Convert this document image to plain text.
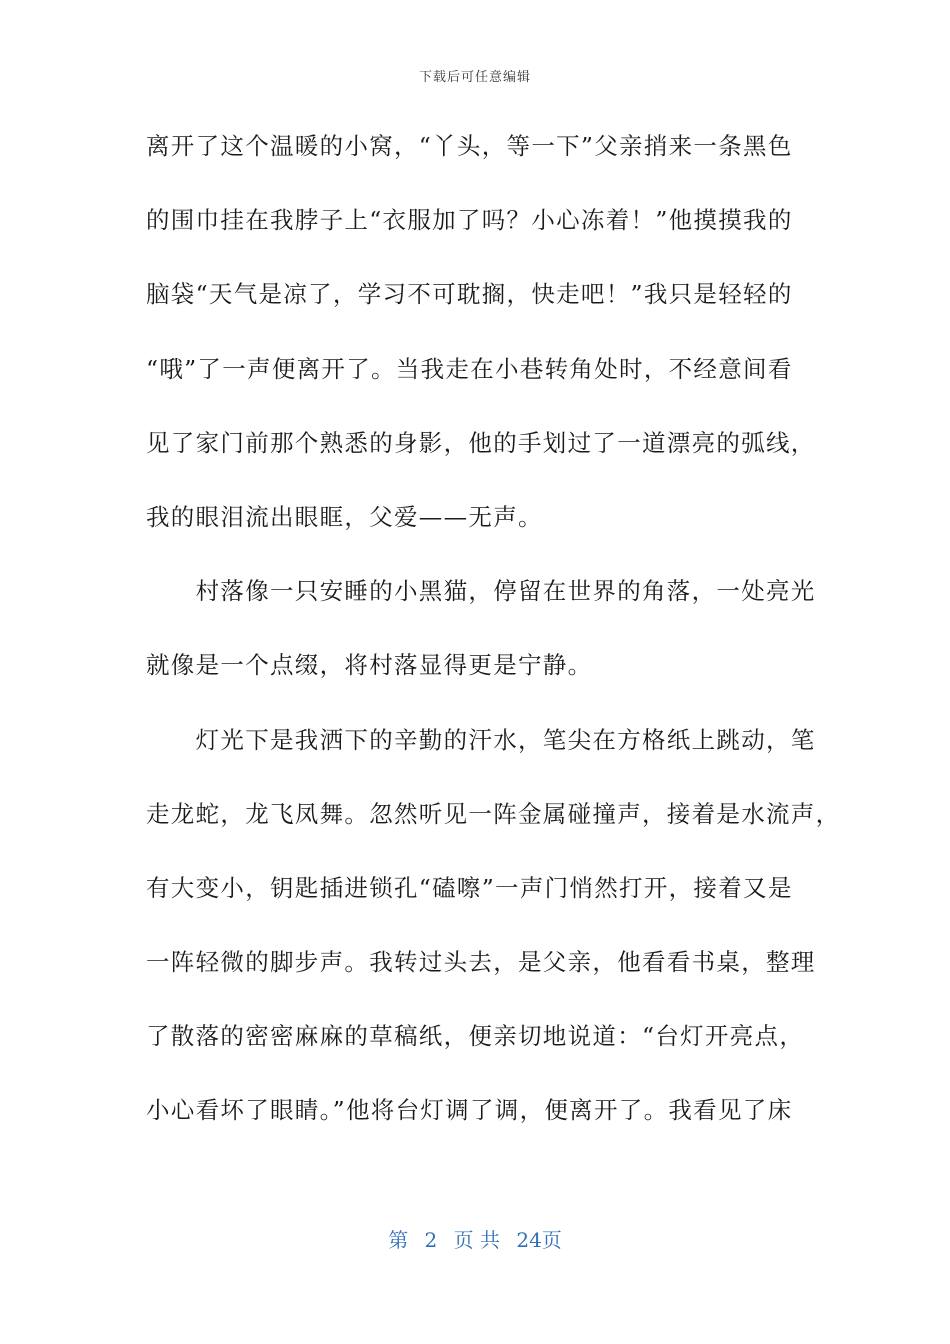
下载后可任意编辑
离开了这个温暖的小窝，“丫头，等一下”父亲捎来一条黑色
的围巾挂在我脖子上“衣服加了吗？小心冻着！”他摸摸我的
脑袋“天气是凉了，学习不可耽搁，快走吧！”我只是轻轻的
“哦”了一声便离开了。当我走在小巷转角处时，不经意间看
见了家门前那个熟悉的身影，他的手划过了一道漂亮的弧线，
我的眼泪流出眼眶，父爱——无声。
　　村落像一只安睡的小黑猫，停留在世界的角落，一处亮光
就像是一个点缀，将村落显得更是宁静。
　　灯光下是我洒下的辛勤的汗水，笔尖在方格纸上跳动，笔
走龙蛇，龙飞凤舞。忽然听见一阵金属碰撞声，接着是水流声，
有大变小，钥匙插进锁孔“磕嚓”一声门悄然打开，接着又是
一阵轻微的脚步声。我转过头去，是父亲，他看看书桌，整理
了散落的密密麻麻的草稿纸，便亲切地说道：“台灯开亮点，
小心看坏了眼睛。”他将台灯调了调，便离开了。我看见了床
第 2 页 共 24页
